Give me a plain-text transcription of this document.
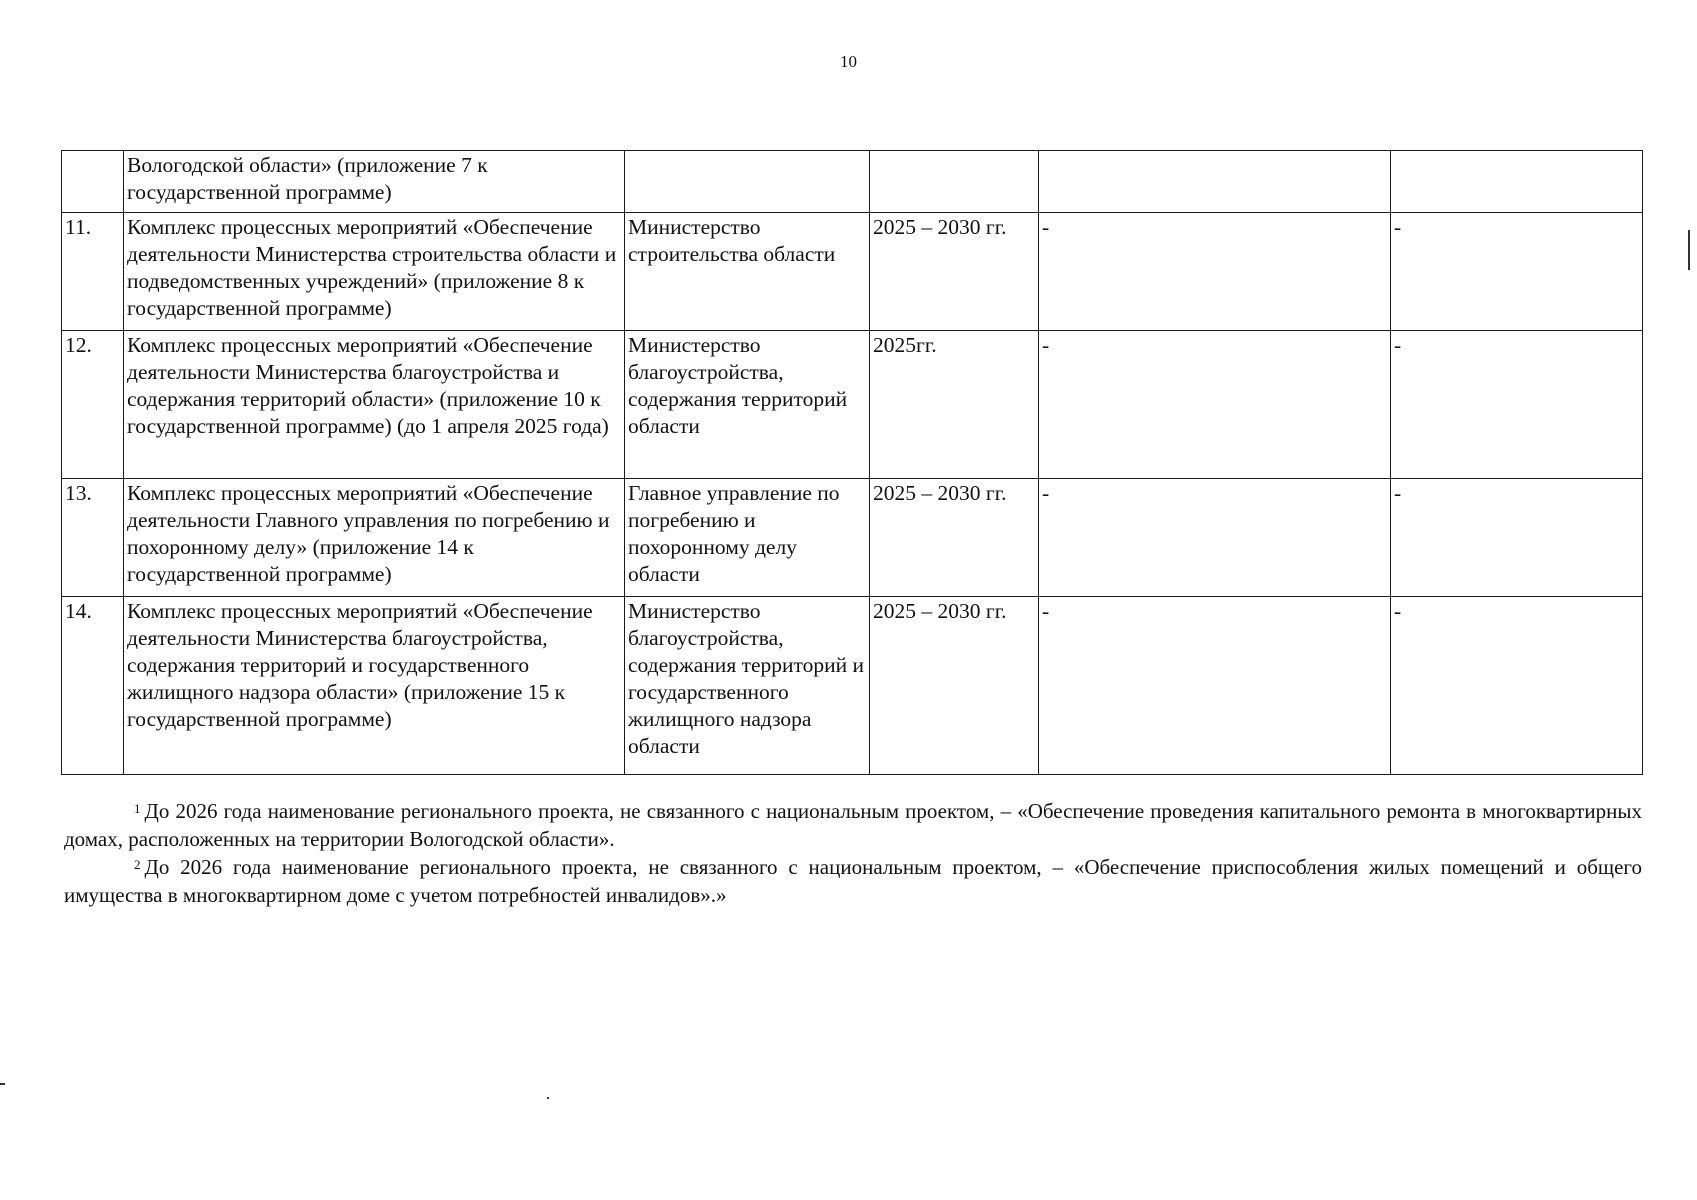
10
	Вологодской области» (приложение 7 к государственной программе)				
11.	Комплекс процессных мероприятий «Обеспечение деятельности Министерства строительства области и подведомственных учреждений» (приложение 8 к государственной программе)	Министерство строительства области	2025 – 2030 гг.	-	-
12.	Комплекс процессных мероприятий «Обеспечение деятельности Министерства благоустройства и содержания территорий области» (приложение 10 к государственной программе) (до 1 апреля 2025 года)	Министерство благоустройства, содержания территорий области	2025гг.	-	-
13.	Комплекс процессных мероприятий «Обеспечение деятельности Главного управления по погребению и похоронному делу» (приложение 14 к государственной программе)	Главное управление по погребению и похоронному делу области	2025 – 2030 гг.	-	-
14.	Комплекс процессных мероприятий «Обеспечение деятельности Министерства благоустройства, содержания территорий и государственного жилищного надзора области» (приложение 15 к государственной программе)	Министерство благоустройства, содержания территорий и государственного жилищного надзора области	2025 – 2030 гг.	-	-

$^1$ До 2026 года наименование регионального проекта, не связанного с национальным проектом, – «Обеспечение проведения капитального ремонта в многоквартирных домах, расположенных на территории Вологодской области».

$^2$ До 2026 года наименование регионального проекта, не связанного с национальным проектом, – «Обеспечение приспособления жилых помещений и общего имущества в многоквартирном доме с учетом потребностей инвалидов».»
